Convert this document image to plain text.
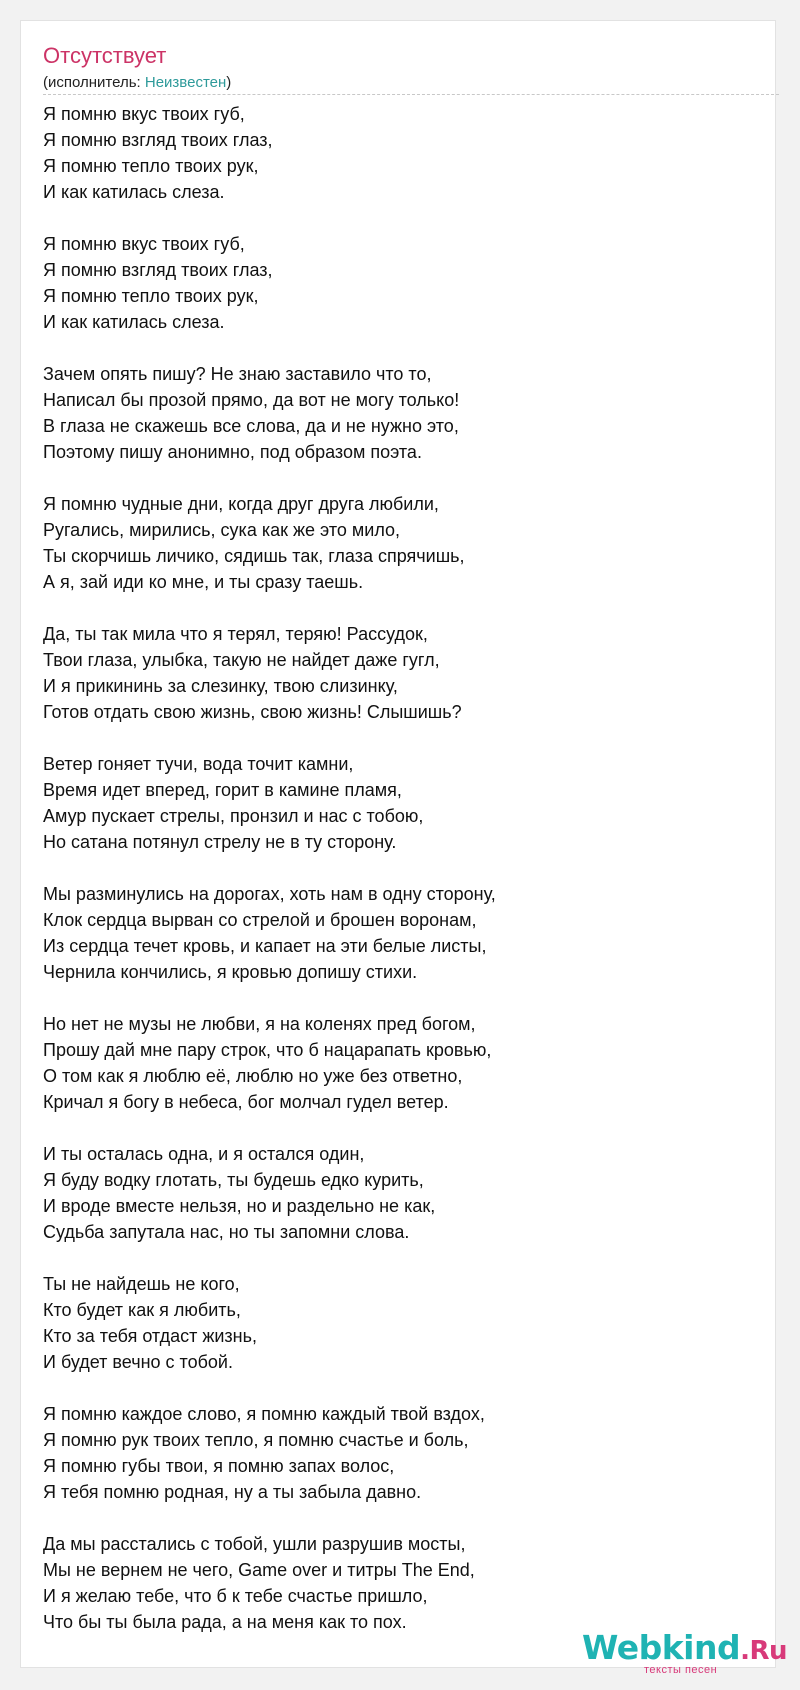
Отсутствует
(исполнитель: Неизвестен)
Я помню вкус твоих губ,
Я помню взгляд твоих глаз,
Я помню тепло твоих рук,
И как катилась слеза.
Я помню вкус твоих губ,
Я помню взгляд твоих глаз,
Я помню тепло твоих рук,
И как катилась слеза.
Зачем опять пишу? Не знаю заставило что то,
Написал бы прозой прямо, да вот не могу только!
В глаза не скажешь все слова, да и не нужно это,
Поэтому пишу анонимно, под образом поэта.
Я помню чудные дни, когда друг друга любили,
Ругались, мирились, сука как же это мило,
Ты скорчишь личико, сядишь так, глаза спрячишь,
А я, зай иди ко мне, и ты сразу таешь.
Да, ты так мила что я терял, теряю! Рассудок,
Твои глаза, улыбка, такую не найдет даже гугл,
И я прикининь за слезинку, твою слизинку,
Готов отдать свою жизнь, свою жизнь! Слышишь?
Ветер гоняет тучи, вода точит камни,
Время идет вперед, горит в камине пламя,
Амур пускает стрелы, пронзил и нас с тобою,
Но сатана потянул стрелу не в ту сторону.
Мы разминулись на дорогах, хоть нам в одну сторону,
Клок сердца вырван со стрелой и брошен воронам,
Из сердца течет кровь, и капает на эти белые листы,
Чернила кончились, я кровью допишу стихи.
Но нет не музы не любви, я на коленях пред богом,
Прошу дай мне пару строк, что б нацарапать кровью,
О том как я люблю её, люблю но уже без ответно,
Кричал я богу в небеса, бог молчал гудел ветер.
И ты осталась одна, и я остался один,
Я буду водку глотать, ты будешь едко курить,
И вроде вместе нельзя, но и раздельно не как,
Судьба запутала нас, но ты запомни слова.
Ты не найдешь не кого,
Кто будет как я любить,
Кто за тебя отдаст жизнь,
И будет вечно с тобой.
Я помню каждое слово, я помню каждый твой вздох,
Я помню рук твоих тепло, я помню счастье и боль,
Я помню губы твои, я помню запах волос,
Я тебя помню родная, ну а ты забыла давно.
Да мы расстались с тобой, ушли разрушив мосты,
Мы не вернем не чего, Game over и титры The End,
И я желаю тебе, что б к тебе счастье пришло,
Что бы ты была рада, а на меня как то пох.
Webkind.Ru
тексты песен
